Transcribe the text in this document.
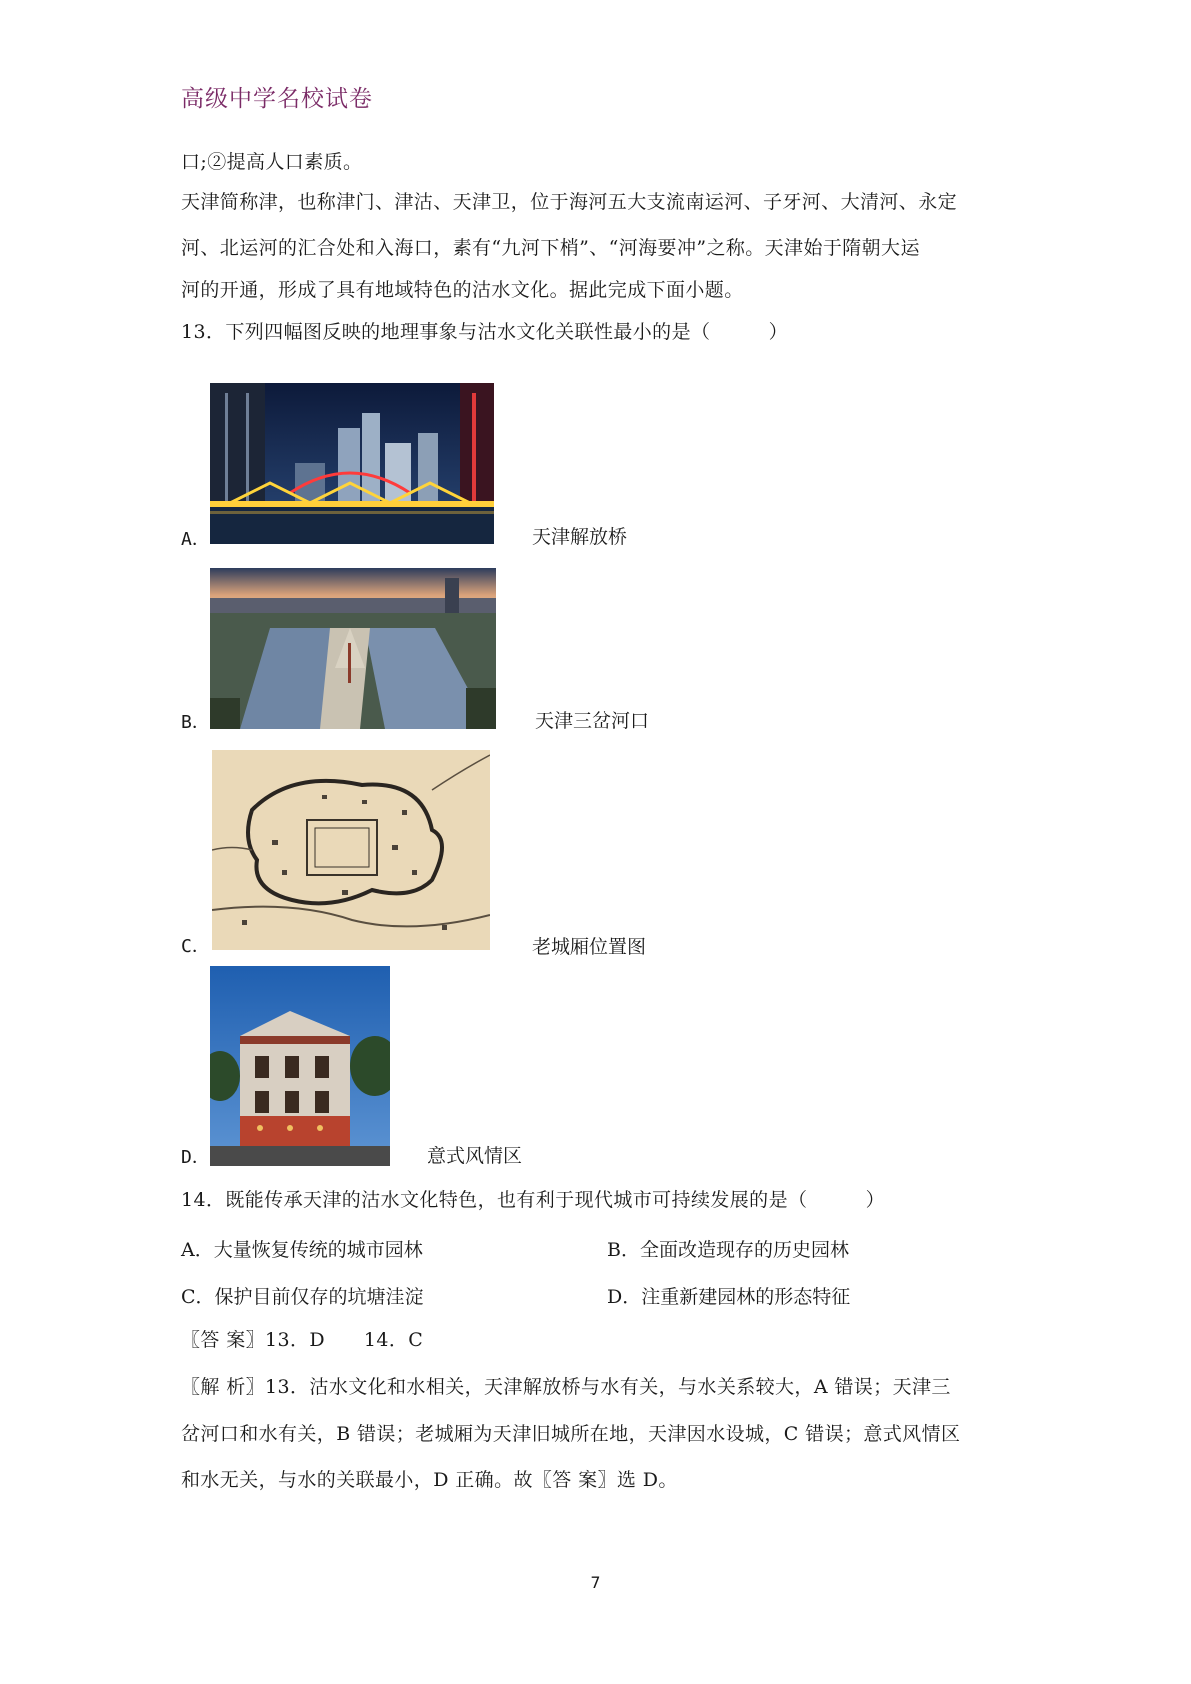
高级中学名校试卷
口;②提高人口素质。
天津简称津，也称津门、津沽、天津卫，位于海河五大支流南运河、子牙河、大清河、永定
河、北运河的汇合处和入海口，素有“九河下梢”、“河海要冲”之称。天津始于隋朝大运
河的开通，形成了具有地域特色的沽水文化。据此完成下面小题。
13．下列四幅图反映的地理事象与沽水文化关联性最小的是（　　　）
A．	天津解放桥
B．	天津三岔河口
C．	老城厢位置图
D．	意式风情区
14．既能传承天津的沽水文化特色，也有利于现代城市可持续发展的是（　　　）
A．大量恢复传统的城市园林	B．全面改造现存的历史园林
C．保护目前仅存的坑塘洼淀	D．注重新建园林的形态特征
〖答 案〗13．D　　14．C
〖解 析〗13．沽水文化和水相关，天津解放桥与水有关，与水关系较大，A 错误；天津三
岔河口和水有关，B 错误；老城厢为天津旧城所在地，天津因水设城，C 错误；意式风情区
和水无关，与水的关联最小，D 正确。故〖答 案〗选 D。
7
